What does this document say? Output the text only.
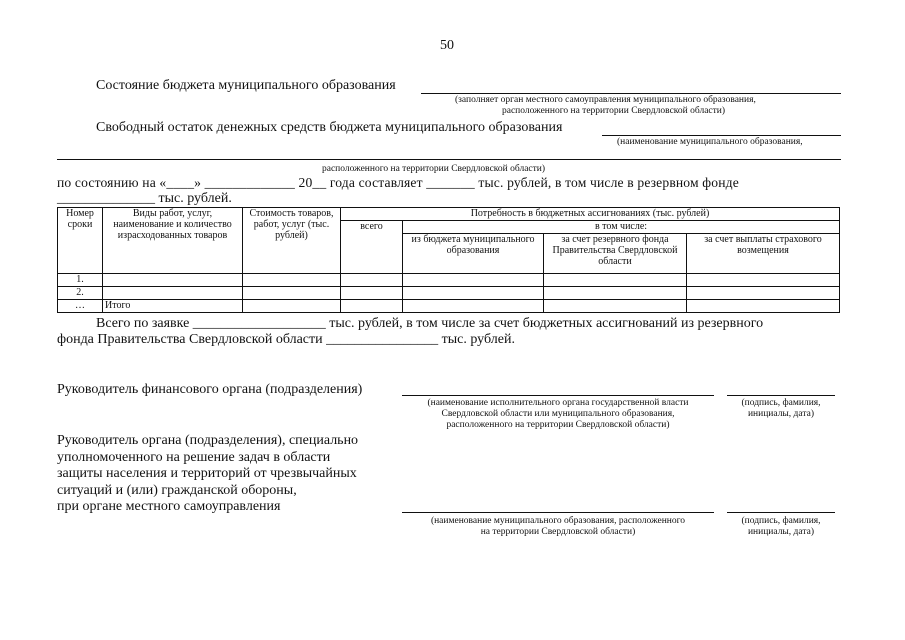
50
Состояние бюджета муниципального образования
(заполняет орган местного самоуправления муниципального образования,
расположенного на территории Свердловской области)
Свободный остаток денежных средств бюджета муниципального образования
(наименование муниципального образования,
расположенного на территории Свердловской области)
по состоянию на «____» _____________ 20__ года составляет _______ тыс. рублей, в том числе в резервном фонде
______________ тыс. рублей.
Номер сроки	Виды работ, услуг, наименование и количество израсходованных товаров	Стоимость товаров, работ, услуг (тыс. рублей)	Потребность в бюджетных ассигнованиях (тыс. рублей)			
			всего	в том числе:		
				из бюджета муниципального образования	за счет резервного фонда Правительства Свердловской области	за счет выплаты страхового возмещения
1.						
2.						
…	Итого					
Всего по заявке ___________________ тыс. рублей, в том числе за счет бюджетных ассигнований из резервного
фонда Правительства Свердловской области ________________ тыс. рублей.
Руководитель финансового органа (подразделения)
(наименование исполнительного органа государственной власти
Свердловской области или муниципального образования,
расположенного на территории Свердловской области)
(подпись, фамилия,
инициалы, дата)
Руководитель органа (подразделения), специально
уполномоченного на решение задач в области
защиты населения и территорий от чрезвычайных
ситуаций и (или) гражданской обороны,
при органе местного самоуправления
(наименование муниципального образования, расположенного
на территории Свердловской области)
(подпись, фамилия,
инициалы, дата)
